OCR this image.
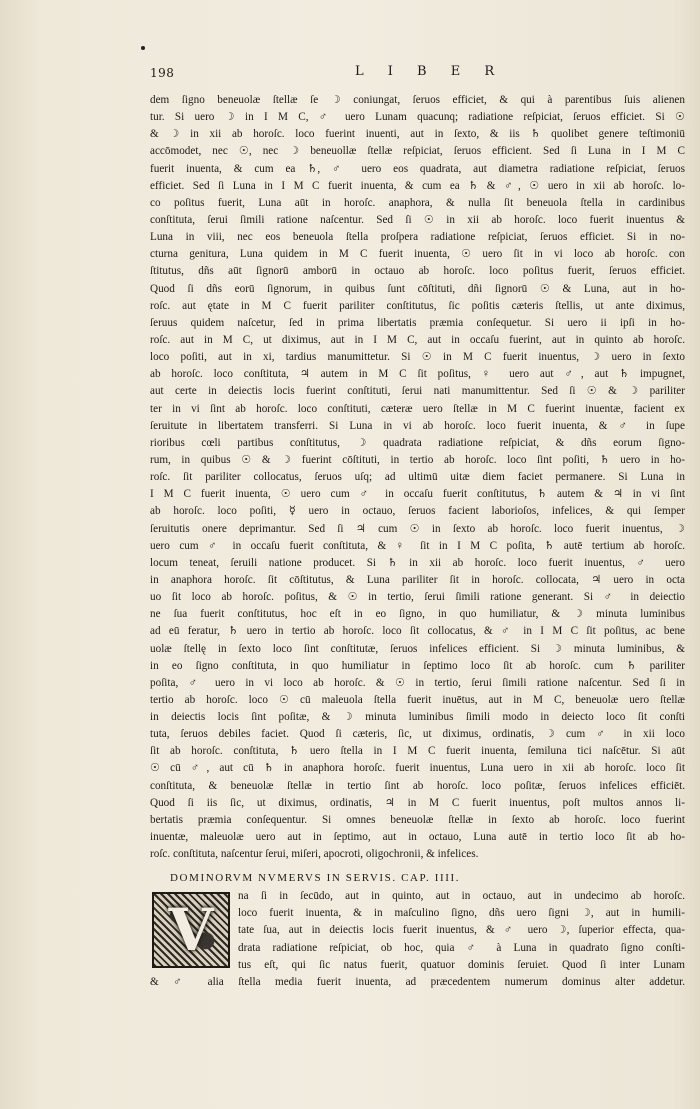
198	L I B E R
dem ſigno beneuolæ ſtellæ ſe ☽ coniungat, ſeruos efficiet, & qui à parentibus ſuis alienen
tur. Si uero ☽ in I M C, ♂ uero Lunam quacunq; radiatione reſpiciat, ſeruos efficiet. Si ☉
& ☽ in xii ab horoſc. loco fuerint inuenti, aut in ſexto, & iis ♄ quolibet genere teſtimoniū
accōmodet, nec ☉, nec ☽ beneuollæ ſtellæ reſpiciat, ſeruos efficient. Sed ſi Luna in I M C
fuerit inuenta, & cum ea ♄, ♂ uero eos quadrata, aut diametra radiatione reſpiciat, ſeruos
efficiet. Sed ſi Luna in I M C fuerit inuenta, & cum ea ♄ & ♂, ☉ uero in xii ab horoſc. lo-
co poſitus fuerit, Luna aūt in horoſc. anaphora, & nulla ſit beneuola ſtella in cardinibus
conſtituta, ſerui ſimili ratione naſcentur. Sed ſi ☉ in xii ab horoſc. loco fuerit inuentus &
Luna in viii, nec eos beneuola ſtella proſpera radiatione reſpiciat, ſeruos efficiet. Si in no-
cturna genitura, Luna quidem in M C fuerit inuenta, ☉ uero ſit in vi loco ab horoſc. con
ſtitutus, dñs aūt ſignorū amborū in octauo ab horoſc. loco poſitus fuerit, ſeruos efficiet.
Quod ſi dñs eorū ſignorum, in quibus ſunt cōſtituti, dñi ſignorū ☉ & Luna, aut in ho-
roſc. aut ętate in M C fuerit pariliter conſtitutus, ſic poſitis cæteris ſtellis, ut ante diximus,
ſeruus quidem naſcetur, ſed in prima libertatis præmia conſequetur. Si uero ii ipſi in ho-
roſc. aut in M C, ut diximus, aut in I M C, aut in occaſu fuerint, aut in quinto ab horoſc.
loco poſiti, aut in xi, tardius manumittetur. Si ☉ in M C fuerit inuentus, ☽ uero in ſexto
ab horoſc. loco conſtituta, ♃ autem in M C ſit poſitus, ♀ uero aut ♂, aut ♄ impugnet,
aut certe in deiectis locis fuerint conſtituti, ſerui nati manumittentur. Sed ſi ☉ & ☽ pariliter
ter in vi ſint ab horoſc. loco conſtituti, cæteræ uero ſtellæ in M C fuerint inuentæ, facient ex
ſeruitute in libertatem transferri. Si Luna in vi ab horoſc. loco fuerit inuenta, & ♂ in ſupe
rioribus cœli partibus conſtitutus, ☽ quadrata radiatione reſpiciat, & dñs eorum ſigno-
rum, in quibus ☉ & ☽ fuerint cōſtituti, in tertio ab horoſc. loco ſint poſiti, ♄ uero in ho-
roſc. ſit pariliter collocatus, ſeruos uſq; ad ultimū uitæ diem faciet permanere. Si Luna in
I M C fuerit inuenta, ☉ uero cum ♂ in occaſu fuerit conſtitutus, ♄ autem & ♃ in vi ſint
ab horoſc. loco poſiti, ☿ uero in octauo, ſeruos facient laborioſos, infelices, & qui ſemper
ſeruitutis onere deprimantur. Sed ſi ♃ cum ☉ in ſexto ab horoſc. loco fuerit inuentus, ☽
uero cum ♂ in occaſu fuerit conſtituta, & ♀ ſit in I M C poſita, ♄ autē tertium ab horoſc.
locum teneat, ſeruili natione producet. Si ♄ in xii ab horoſc. loco fuerit inuentus, ♂ uero
in anaphora horoſc. ſit cōſtitutus, & Luna pariliter ſit in horoſc. collocata, ♃ uero in octa
uo ſit loco ab horoſc. poſitus, & ☉ in tertio, ſerui ſimili ratione generant. Si ♂ in deiectio
ne ſua fuerit conſtitutus, hoc eſt in eo ſigno, in quo humiliatur, & ☽ minuta luminibus
ad eū feratur, ♄ uero in tertio ab horoſc. loco ſit collocatus, & ♂ in I M C ſit poſitus, ac bene
uolæ ſtellę in ſexto loco ſint conſtitutæ, ſeruos infelices efficient. Si ☽ minuta luminibus, &
in eo ſigno conſtituta, in quo humiliatur in ſeptimo loco ſit ab horoſc. cum ♄ pariliter
poſita, ♂ uero in vi loco ab horoſc. & ☉ in tertio, ſerui ſimili ratione naſcentur. Sed ſi in
tertio ab horoſc. loco ☉ cū maleuola ſtella fuerit inuētus, aut in M C, beneuolæ uero ſtellæ
in deiectis locis ſint poſitæ, & ☽ minuta luminibus ſimili modo in deiecto loco ſit conſti
tuta, ſeruos debiles faciet. Quod ſi cæteris, ſic, ut diximus, ordinatis, ☽ cum ♂ in xii loco
ſit ab horoſc. conſtituta, ♄ uero ſtella in I M C fuerit inuenta, ſemiluna tici naſcētur. Si aūt
☉ cū ♂, aut cū ♄ in anaphora horoſc. fuerit inuentus, Luna uero in xii ab horoſc. loco ſit
conſtituta, & beneuolæ ſtellæ in tertio ſint ab horoſc. loco poſitæ, ſeruos infelices efficiēt.
Quod ſi iis ſic, ut diximus, ordinatis, ♃ in M C fuerit inuentus, poſt multos annos li-
bertatis præmia conſequentur. Si omnes beneuolæ ſtellæ in ſexto ab horoſc. loco fuerint
inuentæ, maleuolæ uero aut in ſeptimo, aut in octauo, Luna autē in tertio loco ſit ab ho-
roſc. conſtituta, naſcentur ſerui, miſeri, apocroti, oligochronii, & infelices.
DOMINORVM NVMERVS IN SERVIS. CAP. IIII.
V na ſi in ſecūdo, aut in quinto, aut in octauo, aut in undecimo ab horoſc.
loco fuerit inuenta, & in maſculino ſigno, dñs uero ſigni ☽, aut in humili-
tate ſua, aut in deiectis locis fuerit inuentus, & ♂ uero ☽, ſuperior effecta, qua-
drata radiatione reſpiciat, ob hoc, quia ♂ à Luna in quadrato ſigno conſti-
tus eſt, qui ſic natus fuerit, quatuor dominis ſeruiet. Quod ſi inter Lunam
& ♂ alia ſtella media fuerit inuenta, ad præcedentem numerum dominus alter addetur.
